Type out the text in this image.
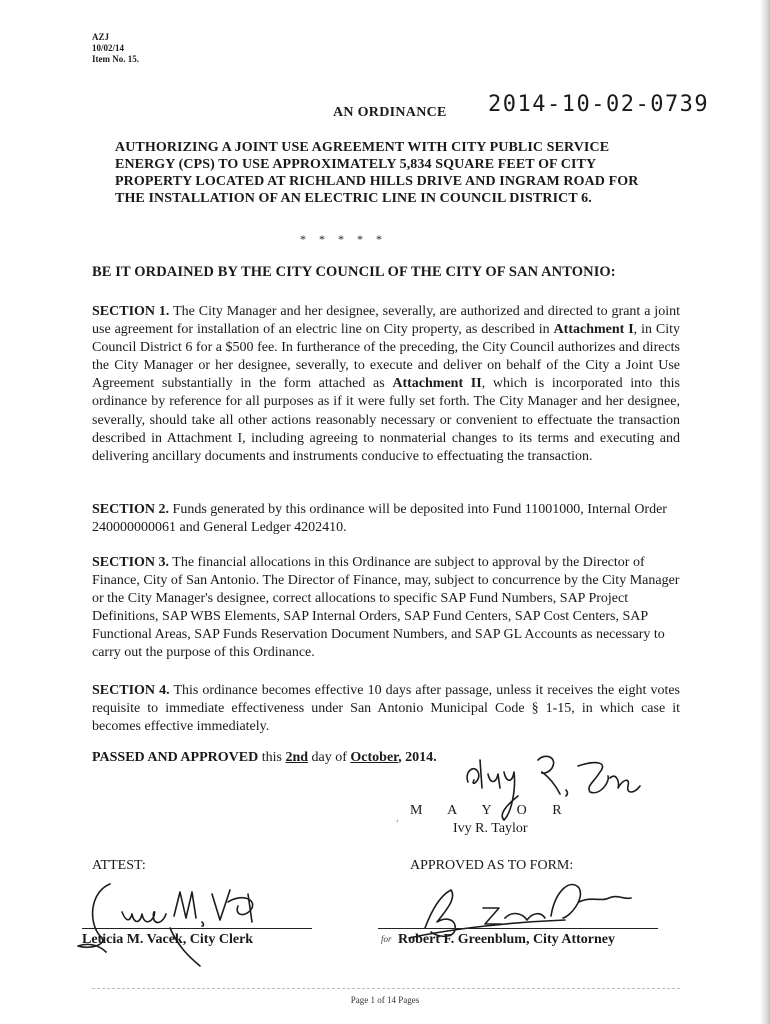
AZJ
10/02/14
Item No. 15.
AN ORDINANCE 2014-10-02-0739
AUTHORIZING A JOINT USE AGREEMENT WITH CITY PUBLIC SERVICE ENERGY (CPS) TO USE APPROXIMATELY 5,834 SQUARE FEET OF CITY PROPERTY LOCATED AT RICHLAND HILLS DRIVE AND INGRAM ROAD FOR THE INSTALLATION OF AN ELECTRIC LINE IN COUNCIL DISTRICT 6.
* * * * *
BE IT ORDAINED BY THE CITY COUNCIL OF THE CITY OF SAN ANTONIO:
SECTION 1. The City Manager and her designee, severally, are authorized and directed to grant a joint use agreement for installation of an electric line on City property, as described in Attachment I, in City Council District 6 for a $500 fee. In furtherance of the preceding, the City Council authorizes and directs the City Manager or her designee, severally, to execute and deliver on behalf of the City a Joint Use Agreement substantially in the form attached as Attachment II, which is incorporated into this ordinance by reference for all purposes as if it were fully set forth. The City Manager and her designee, severally, should take all other actions reasonably necessary or convenient to effectuate the transaction described in Attachment I, including agreeing to nonmaterial changes to its terms and executing and delivering ancillary documents and instruments conducive to effectuating the transaction.
SECTION 2. Funds generated by this ordinance will be deposited into Fund 11001000, Internal Order 240000000061 and General Ledger 4202410.
SECTION 3. The financial allocations in this Ordinance are subject to approval by the Director of Finance, City of San Antonio. The Director of Finance, may, subject to concurrence by the City Manager or the City Manager's designee, correct allocations to specific SAP Fund Numbers, SAP Project Definitions, SAP WBS Elements, SAP Internal Orders, SAP Fund Centers, SAP Cost Centers, SAP Functional Areas, SAP Funds Reservation Document Numbers, and SAP GL Accounts as necessary to carry out the purpose of this Ordinance.
SECTION 4. This ordinance becomes effective 10 days after passage, unless it receives the eight votes requisite to immediate effectiveness under San Antonio Municipal Code § 1-15, in which case it becomes effective immediately.
PASSED AND APPROVED this 2nd day of October, 2014.
, M A Y O R
Ivy R. Taylor
ATTEST:	APPROVED AS TO FORM:
Leticia M. Vacek, City Clerk	for Robert F. Greenblum, City Attorney
Page 1 of 14 Pages
